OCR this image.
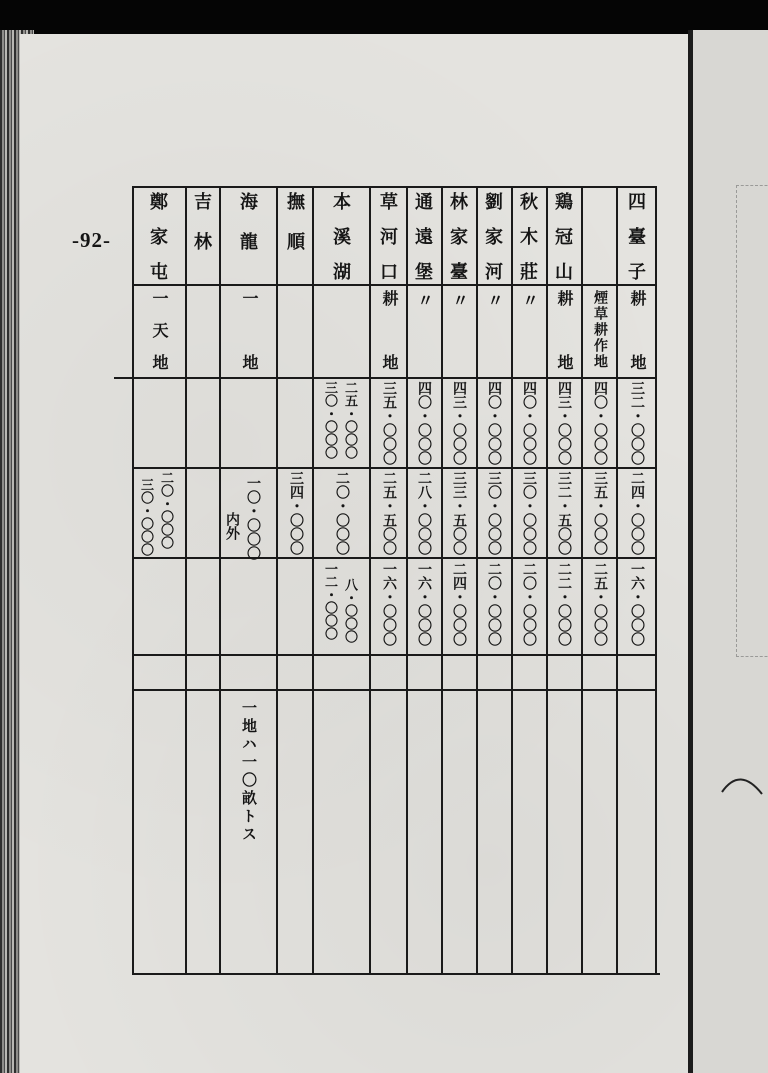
-92-	四臺子
耕地
三二・〇〇〇
二四・〇〇〇
一六・〇〇〇
煙草耕作地
四〇・〇〇〇
三五・〇〇〇
二五・〇〇〇
鶏冠山
耕地
四三・〇〇〇
三二・五〇〇
二二・〇〇〇
秋木莊
〃
四〇・〇〇〇
三〇・〇〇〇
二〇・〇〇〇
劉家河
〃
四〇・〇〇〇
三〇・〇〇〇
二〇・〇〇〇
林家臺
〃
四三・〇〇〇
三三・五〇〇
二四・〇〇〇
通遠堡
〃
四〇・〇〇〇
二八・〇〇〇
一六・〇〇〇
草河口
耕地
三五・〇〇〇
二五・五〇〇
一六・〇〇〇
本溪湖
二五・〇〇〇
三〇・〇〇〇
二〇・〇〇〇
八・〇〇〇
一二・〇〇〇
撫順
三四・〇〇〇
海龍
一地
一〇・〇〇〇
内外
一地ハ一〇畝トス
吉林
鄭家屯
一天地
二〇・〇〇〇
三〇・〇〇〇
